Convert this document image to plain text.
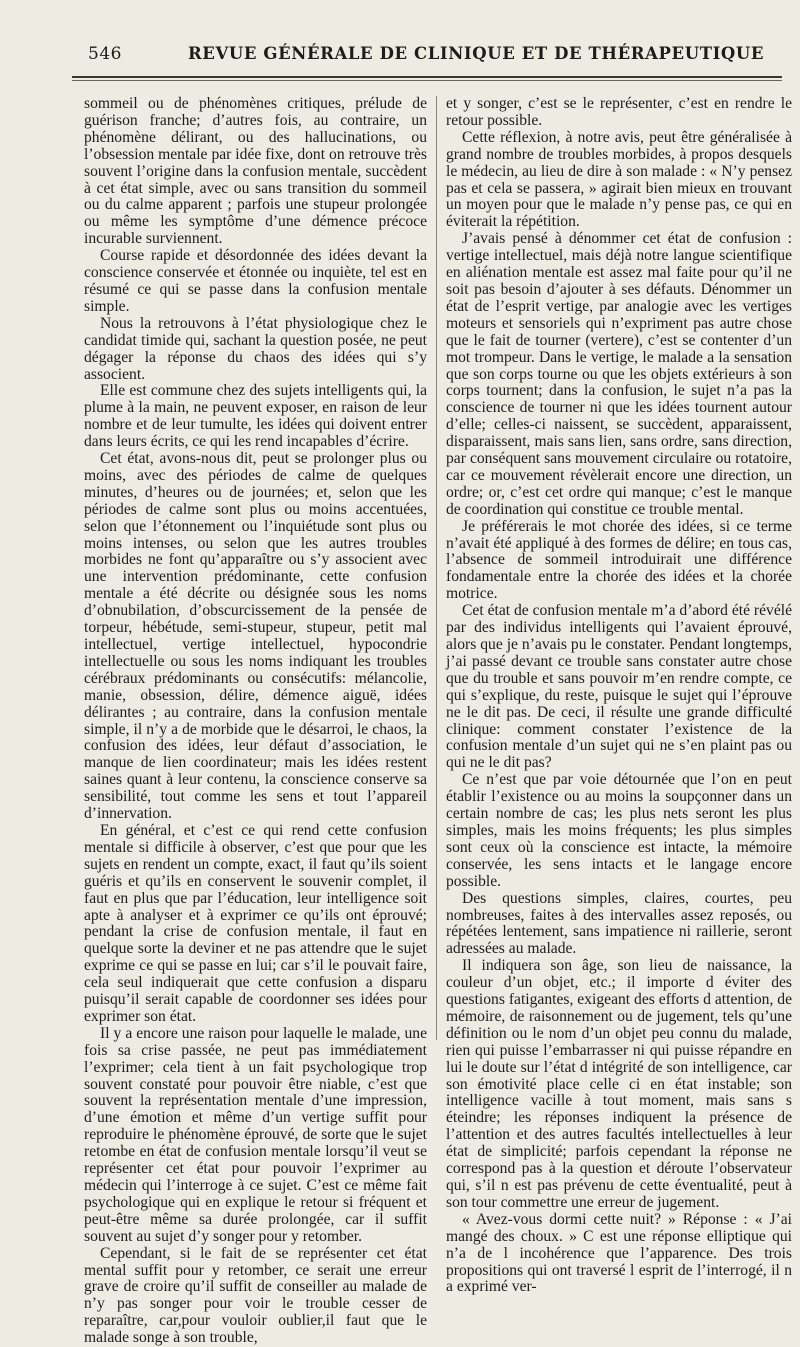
546	REVUE GÉNÉRALE DE CLINIQUE ET DE THÉRAPEUTIQUE

sommeil ou de phénomènes critiques, prélude de guérison franche; d’autres fois, au contraire, un phénomène délirant, ou des hallucinations, ou l’obsession mentale par idée fixe, dont on retrouve très souvent l’origine dans la confusion mentale, succèdent à cet état simple, avec ou sans transition du sommeil ou du calme apparent ; parfois une stupeur prolongée ou même les symptôme d’une démence précoce incurable surviennent.

Course rapide et désordonnée des idées devant la conscience conservée et étonnée ou inquiète, tel est en résumé ce qui se passe dans la confusion mentale simple.

Nous la retrouvons à l’état physiologique chez le candidat timide qui, sachant la question posée, ne peut dégager la réponse du chaos des idées qui s’y associent.

Elle est commune chez des sujets intelligents qui, la plume à la main, ne peuvent exposer, en raison de leur nombre et de leur tumulte, les idées qui doivent entrer dans leurs écrits, ce qui les rend incapables d’écrire.

Cet état, avons-nous dit, peut se prolonger plus ou moins, avec des périodes de calme de quelques minutes, d’heures ou de journées; et, selon que les périodes de calme sont plus ou moins accentuées, selon que l’étonnement ou l’inquiétude sont plus ou moins intenses, ou selon que les autres troubles morbides ne font qu’apparaître ou s’y associent avec une intervention prédominante, cette confusion mentale a été décrite ou désignée sous les noms d’obnubilation, d’obscurcissement de la pensée de torpeur, hébétude, semi-stupeur, stupeur, petit mal intellectuel, vertige intellectuel, hypocondrie intellectuelle ou sous les noms indiquant les troubles cérébraux prédominants ou consécutifs: mélancolie, manie, obsession, délire, démence aiguë, idées délirantes ; au contraire, dans la confusion mentale simple, il n’y a de morbide que le désarroi, le chaos, la confusion des idées, leur défaut d’association, le manque de lien coordinateur; mais les idées restent saines quant à leur contenu, la conscience conserve sa sensibilité, tout comme les sens et tout l’appareil d’innervation.

En général, et c’est ce qui rend cette confusion mentale si difficile à observer, c’est que pour que les sujets en rendent un compte, exact, il faut qu’ils soient guéris et qu’ils en conservent le souvenir complet, il faut en plus que par l’éducation, leur intelligence soit apte à analyser et à exprimer ce qu’ils ont éprouvé; pendant la crise de confusion mentale, il faut en quelque sorte la deviner et ne pas attendre que le sujet exprime ce qui se passe en lui; car s’il le pouvait faire, cela seul indiquerait que cette confusion a disparu puisqu’il serait capable de coordonner ses idées pour exprimer son état.

Il y a encore une raison pour laquelle le malade, une fois sa crise passée, ne peut pas immédiatement l’exprimer; cela tient à un fait psychologique trop souvent constaté pour pouvoir être niable, c’est que souvent la représentation mentale d’une impression, d’une émotion et même d’un vertige suffit pour reproduire le phénomène éprouvé, de sorte que le sujet retombe en état de confusion mentale lorsqu’il veut se représenter cet état pour pouvoir l’exprimer au médecin qui l’interroge à ce sujet. C’est ce même fait psychologique qui en explique le retour si fréquent et peut-être même sa durée prolongée, car il suffit souvent au sujet d’y songer pour y retomber.

Cependant, si le fait de se représenter cet état mental suffit pour y retomber, ce serait une erreur grave de croire qu’il suffit de conseiller au malade de n’y pas songer pour voir le trouble cesser de reparaître, car,pour vouloir oublier,il faut que le malade songe à son trouble,

et y songer, c’est se le représenter, c’est en rendre le retour possible.

Cette réflexion, à notre avis, peut être généralisée à grand nombre de troubles morbides, à propos desquels le médecin, au lieu de dire à son malade : « N’y pensez pas et cela se passera, » agirait bien mieux en trouvant un moyen pour que le malade n’y pense pas, ce qui en éviterait la répétition.

J’avais pensé à dénommer cet état de confusion : vertige intellectuel, mais déjà notre langue scientifique en aliénation mentale est assez mal faite pour qu’il ne soit pas besoin d’ajouter à ses défauts. Dénommer un état de l’esprit vertige, par analogie avec les vertiges moteurs et sensoriels qui n’expriment pas autre chose que le fait de tourner (vertere), c’est se contenter d’un mot trompeur. Dans le vertige, le malade a la sensation que son corps tourne ou que les objets extérieurs à son corps tournent; dans la confusion, le sujet n’a pas la conscience de tourner ni que les idées tournent autour d’elle; celles-ci naissent, se succèdent, apparaissent, disparaissent, mais sans lien, sans ordre, sans direction, par conséquent sans mouvement circulaire ou rotatoire, car ce mouvement révèlerait encore une direction, un ordre; or, c’est cet ordre qui manque; c’est le manque de coordination qui constitue ce trouble mental.

Je préférerais le mot chorée des idées, si ce terme n’avait été appliqué à des formes de délire; en tous cas, l’absence de sommeil introduirait une différence fondamentale entre la chorée des idées et la chorée motrice.

Cet état de confusion mentale m’a d’abord été révélé par des individus intelligents qui l’avaient éprouvé, alors que je n’avais pu le constater. Pendant longtemps, j’ai passé devant ce trouble sans constater autre chose que du trouble et sans pouvoir m’en rendre compte, ce qui s’explique, du reste, puisque le sujet qui l’éprouve ne le dit pas. De ceci, il résulte une grande difficulté clinique: comment constater l’existence de la confusion mentale d’un sujet qui ne s’en plaint pas ou qui ne le dit pas?

Ce n’est que par voie détournée que l’on en peut établir l’existence ou au moins la soupçonner dans un certain nombre de cas; les plus nets seront les plus simples, mais les moins fréquents; les plus simples sont ceux où la conscience est intacte, la mémoire conservée, les sens intacts et le langage encore possible.

Des questions simples, claires, courtes, peu nombreuses, faites à des intervalles assez reposés, ou répétées lentement, sans impatience ni raillerie, seront adressées au malade.

Il indiquera son âge, son lieu de naissance, la couleur d’un objet, etc.; il importe d éviter des questions fatigantes, exigeant des efforts d attention, de mémoire, de raisonnement ou de jugement, tels qu’une définition ou le nom d’un objet peu connu du malade, rien qui puisse l’embarrasser ni qui puisse répandre en lui le doute sur l’état d intégrité de son intelligence, car son émotivité place celle ci en état instable; son intelligence vacille à tout moment, mais sans s éteindre; les réponses indiquent la présence de l’attention et des autres facultés intellectuelles à leur état de simplicité; parfois cependant la réponse ne correspond pas à la question et déroute l’observateur qui, s’il n est pas prévenu de cette éventualité, peut à son tour commettre une erreur de jugement.

« Avez-vous dormi cette nuit? » Réponse : « J’ai mangé des choux. » C est une réponse elliptique qui n’a de l incohérence que l’apparence. Des trois propositions qui ont traversé l esprit de l’interrogé, il n a exprimé ver-
